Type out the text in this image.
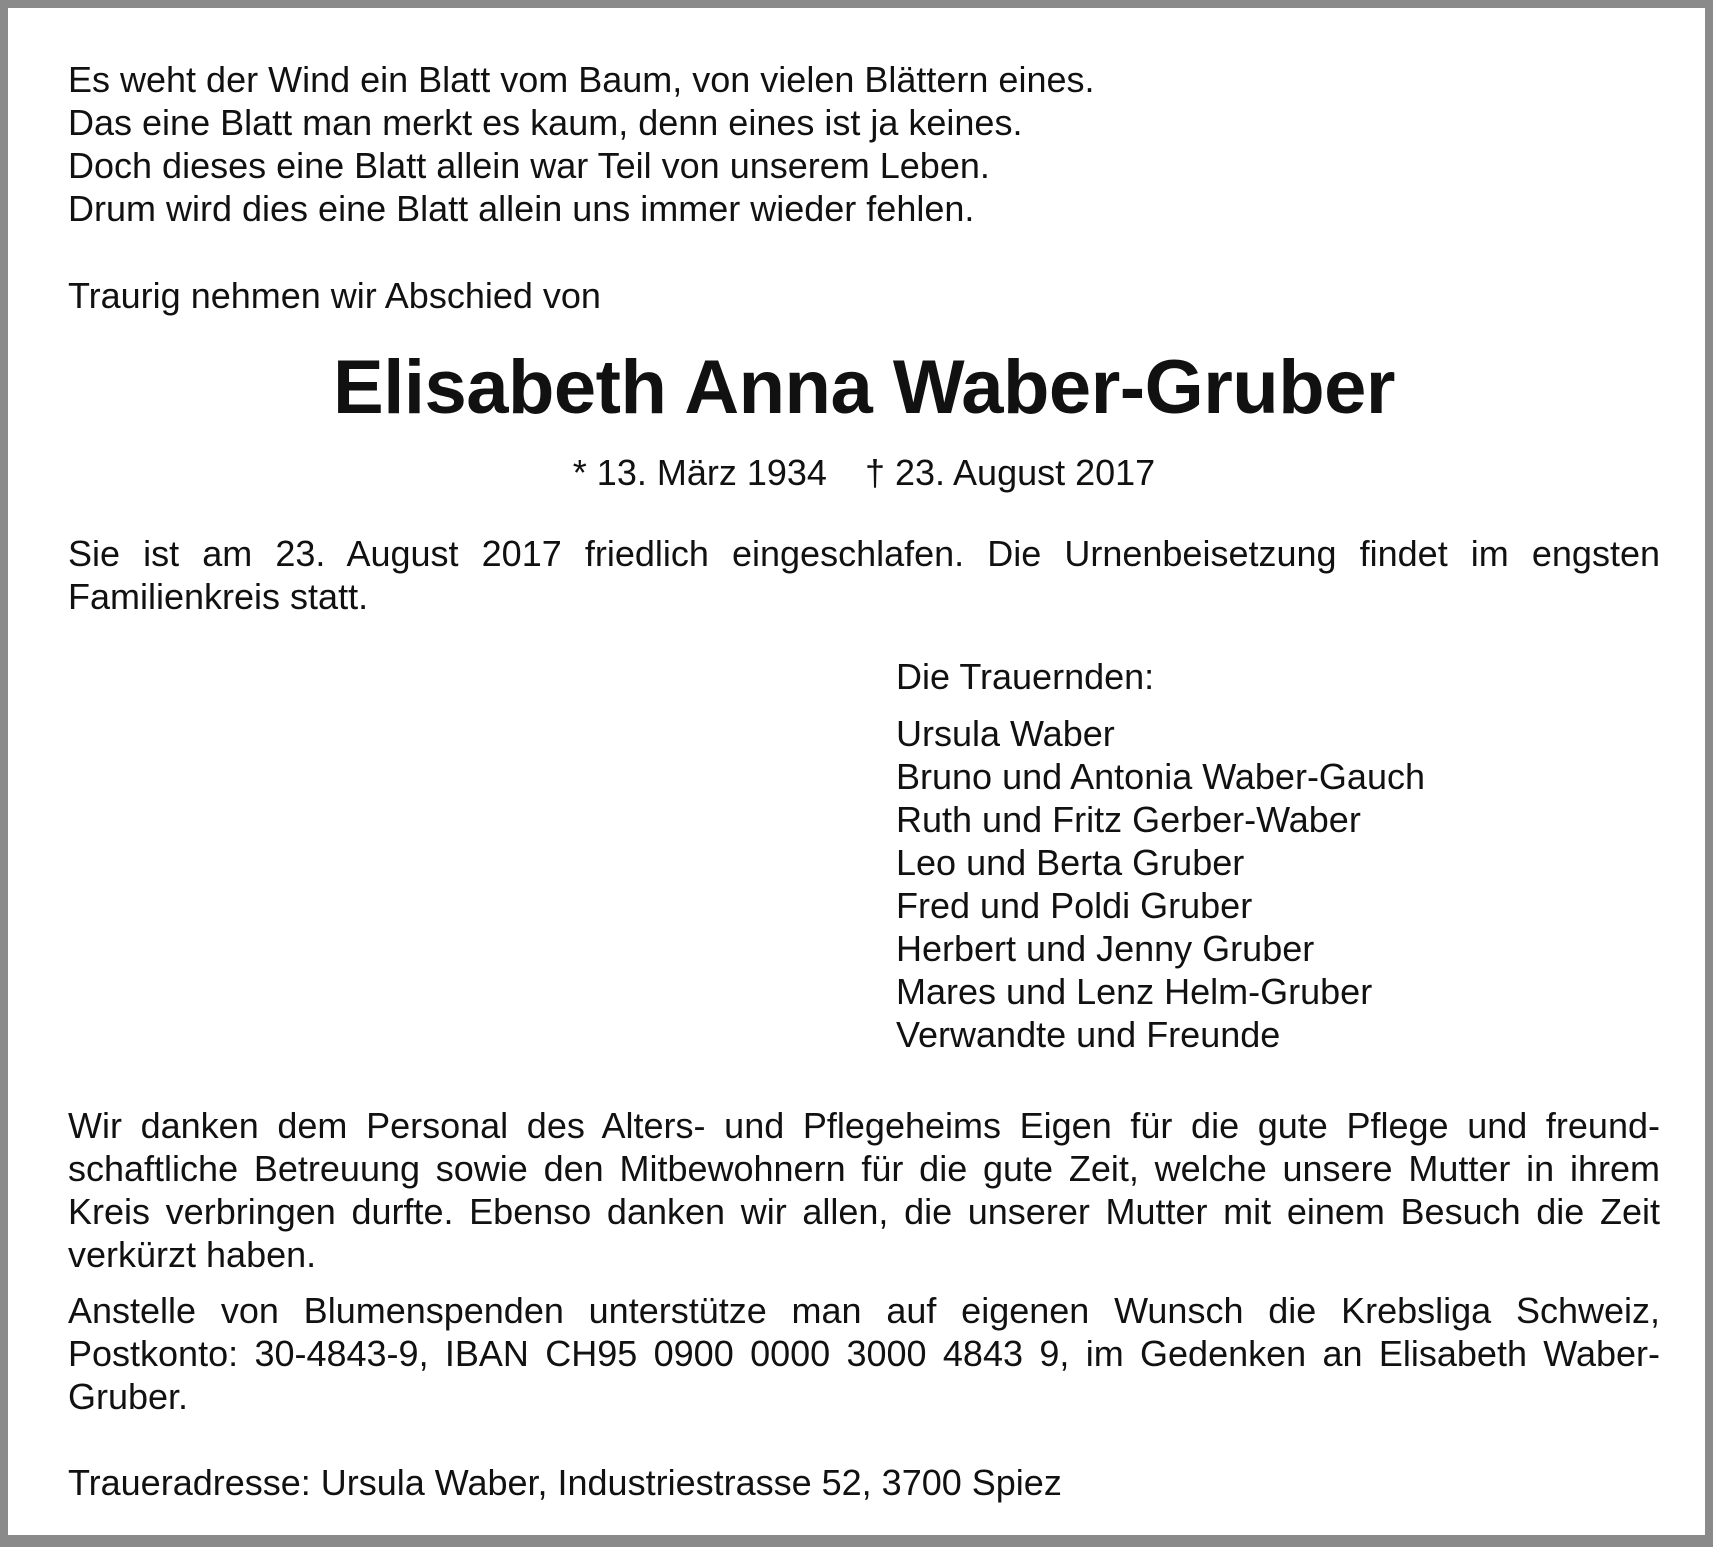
Es weht der Wind ein Blatt vom Baum, von vielen Blättern eines.

Das eine Blatt man merkt es kaum, denn eines ist ja keines.

Doch dieses eine Blatt allein war Teil von unserem Leben.

Drum wird dies eine Blatt allein uns immer wieder fehlen.

Traurig nehmen wir Abschied von

Elisabeth Anna Waber-Gruber

* 13. März 1934 † 23. August 2017

Sie ist am 23. August 2017 friedlich eingeschlafen. Die Urnenbeisetzung findet im engsten Familienkreis statt.

Die Trauernden:

Ursula Waber
Bruno und Antonia Waber-Gauch
Ruth und Fritz Gerber-Waber
Leo und Berta Gruber
Fred und Poldi Gruber
Herbert und Jenny Gruber
Mares und Lenz Helm-Gruber
Verwandte und Freunde

Wir danken dem Personal des Alters- und Pflegeheims Eigen für die gute Pflege und freundschaftliche Betreuung sowie den Mitbewohnern für die gute Zeit, welche unsere Mutter in ihrem Kreis verbringen durfte. Ebenso danken wir allen, die unserer Mutter mit einem Besuch die Zeit verkürzt haben.

Anstelle von Blumenspenden unterstütze man auf eigenen Wunsch die Krebsliga Schweiz, Postkonto: 30-4843-9, IBAN CH95 0900 0000 3000 4843 9, im Gedenken an Elisabeth Waber-Gruber.

Traueradresse: Ursula Waber, Industriestrasse 52, 3700 Spiez
